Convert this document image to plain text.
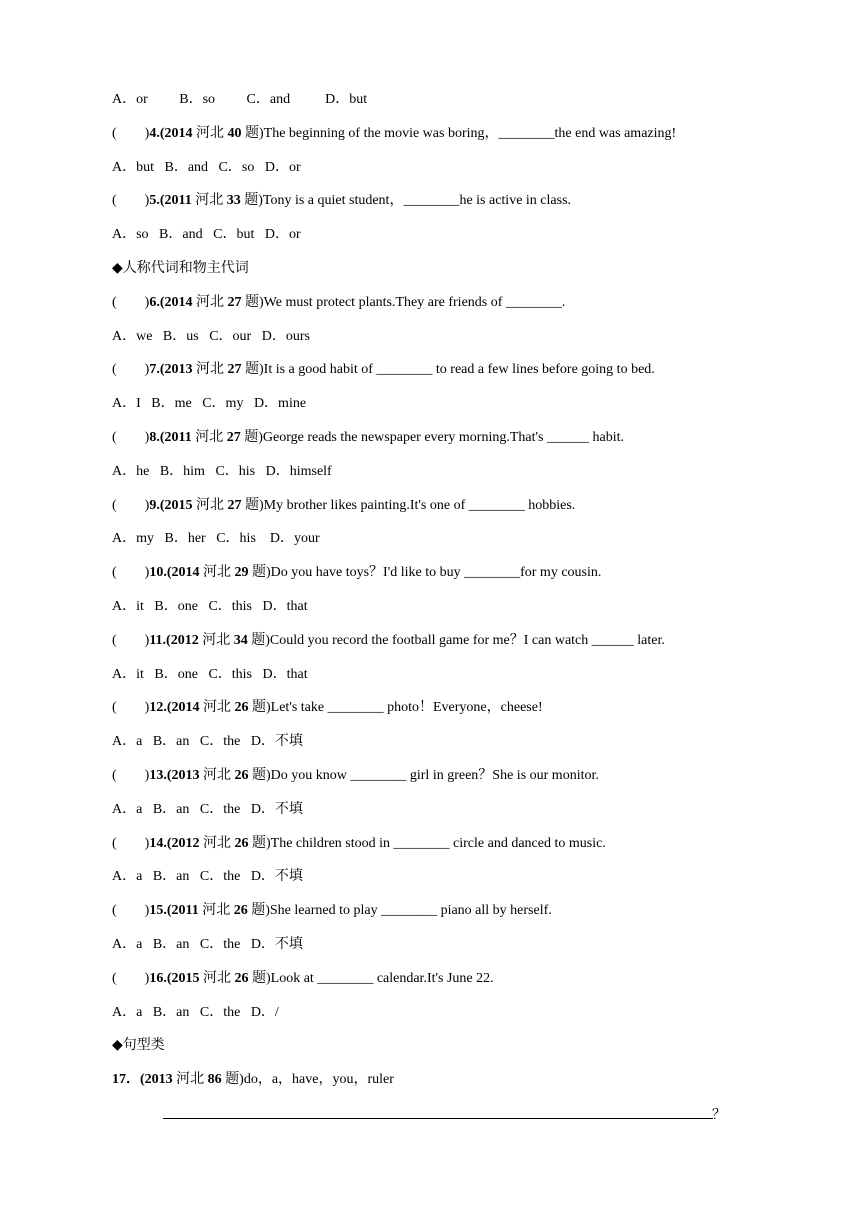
A．or         B．so         C．and          D．but
(        )4.(2014 河北 40 题)The beginning of the movie was boring，________the end was amazing!
A．but   B．and   C．so   D．or
(        )5.(2011 河北 33 题)Tony is a quiet student，________he is active in class.
A．so   B．and   C．but   D．or
◆人称代词和物主代词
(        )6.(2014 河北 27 题)We must protect plants.They are friends of ________.
A．we   B．us   C．our   D．ours
(        )7.(2013 河北 27 题)It is a good habit of ________ to read a few lines before going to bed.
A．I   B．me   C．my   D．mine
(        )8.(2011 河北 27 题)George reads the newspaper every morning.That's ______ habit.
A．he   B．him   C．his   D．himself
(        )9.(2015 河北 27 题)My brother likes painting.It's one of ________ hobbies.
A．my   B．her   C．his    D．your
(        )10.(2014 河北 29 题)Do you have toys？I'd like to buy ________for my cousin.
A．it   B．one   C．this   D．that
(        )11.(2012 河北 34 题)Could you record the football game for me？I can watch ______ later.
A．it   B．one   C．this   D．that
(        )12.(2014 河北 26 题)Let's take ________ photo！Everyone，cheese!
A．a   B．an   C．the   D．不填
(        )13.(2013 河北 26 题)Do you know ________ girl in green？She is our monitor.
A．a   B．an   C．the   D．不填
(        )14.(2012 河北 26 题)The children stood in ________ circle and danced to music.
A．a   B．an   C．the   D．不填
(        )15.(2011 河北 26 题)She learned to play ________ piano all by herself.
A．a   B．an   C．the   D．不填
(        )16.(2015 河北 26 题)Look at ________ calendar.It's June 22.
A．a   B．an   C．the   D．/
◆句型类
17．(2013 河北 86 题)do，a，have，you，ruler
？
